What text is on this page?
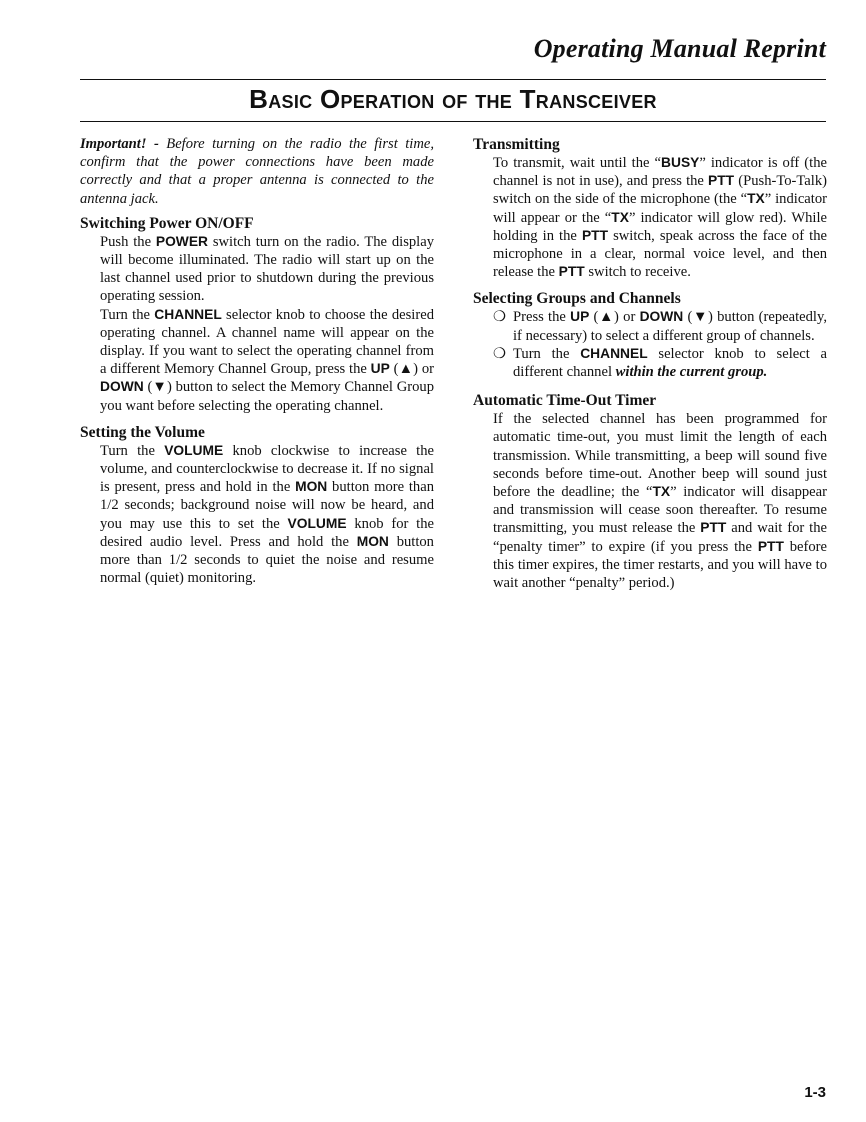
Operating Manual Reprint
Basic Operation of the Transceiver

Important! - Before turning on the radio the first time, confirm that the power connections have been made correctly and that a proper antenna is connected to the antenna jack.

Switching Power ON/OFF

Push the POWER switch turn on the radio. The display will become illuminated. The radio will start up on the last channel used prior to shutdown during the previous operating session.

Turn the CHANNEL selector knob to choose the desired operating channel. A channel name will appear on the display. If you want to select the operating channel from a different Memory Channel Group, press the UP (▲) or DOWN (▼) button to select the Memory Channel Group you want before selecting the operating channel.

Setting the Volume

Turn the VOLUME knob clockwise to increase the volume, and counterclockwise to decrease it. If no signal is present, press and hold in the MON button more than 1/2 seconds; background noise will now be heard, and you may use this to set the VOLUME knob for the desired audio level. Press and hold the MON button more than 1/2 seconds to quiet the noise and resume normal (quiet) monitoring.

Transmitting

To transmit, wait until the “BUSY” indicator is off (the channel is not in use), and press the PTT (Push-To-Talk) switch on the side of the microphone (the “TX” indicator will appear or the “TX” indicator will glow red). While holding in the PTT switch, speak across the face of the microphone in a clear, normal voice level, and then release the PTT switch to receive.

Selecting Groups and Channels
❍ Press the UP (▲) or DOWN (▼) button (repeatedly, if necessary) to select a different group of channels.
❍ Turn the CHANNEL selector knob to select a different channel within the current group.
Automatic Time-Out Timer

If the selected channel has been programmed for automatic time-out, you must limit the length of each transmission. While transmitting, a beep will sound five seconds before time-out. Another beep will sound just before the deadline; the “TX” indicator will disappear and transmission will cease soon thereafter. To resume transmitting, you must release the PTT and wait for the “penalty timer” to expire (if you press the PTT before this timer expires, the timer restarts, and you will have to wait another “penalty” period.)

1-3
